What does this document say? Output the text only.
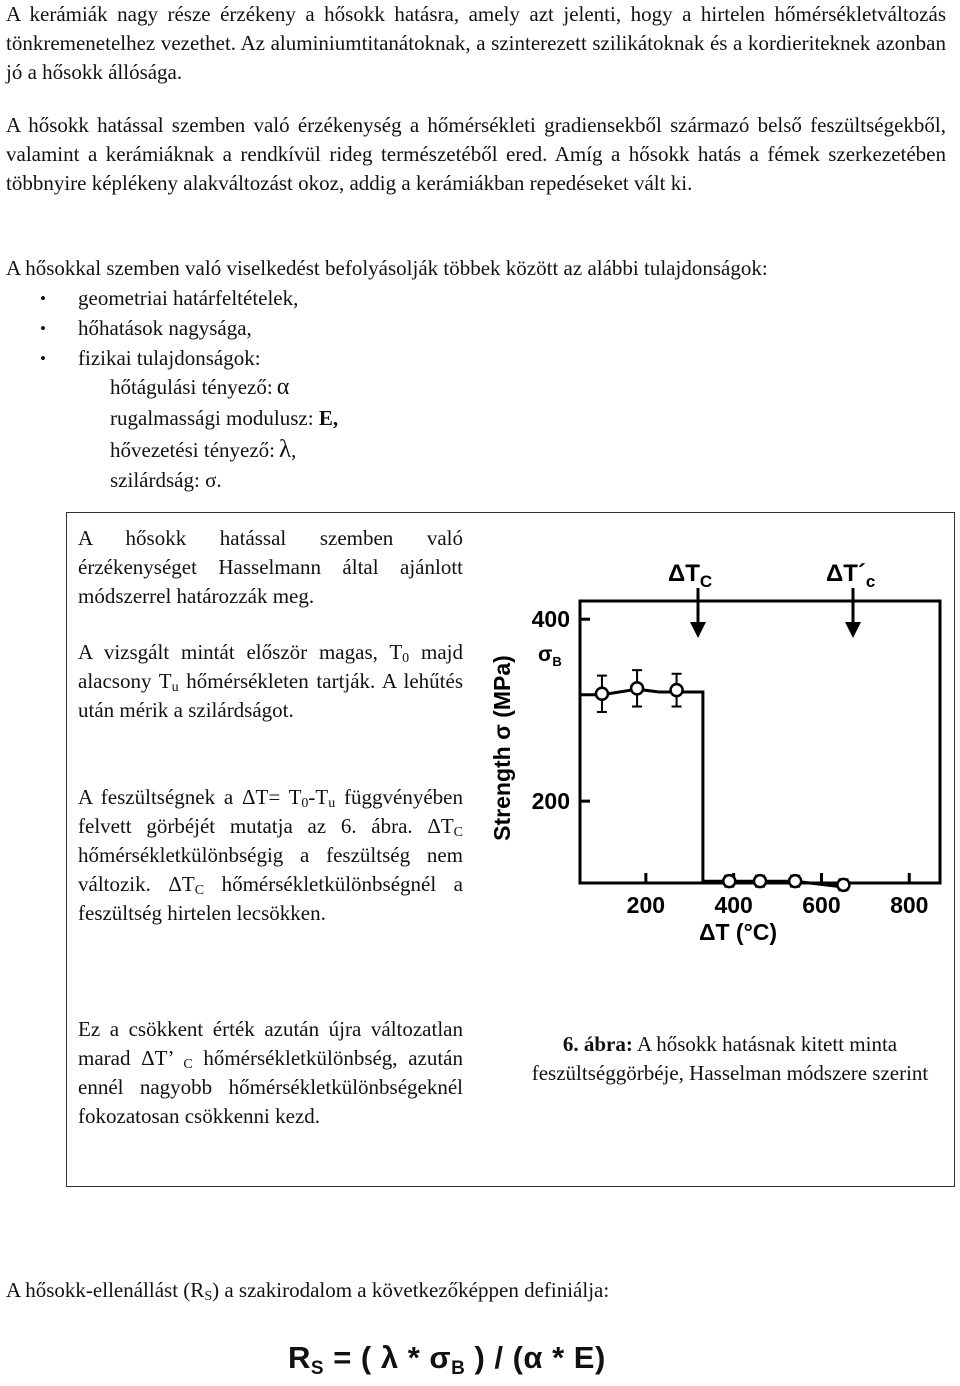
A kerámiák nagy része érzékeny a hősokk hatásra, amely azt jelenti, hogy a hirtelen hőmérsékletváltozás tönkremenetelhez vezethet. Az aluminiumtitanátoknak, a szinterezett szilikátoknak és a kordieriteknek azonban jó a hősokk állósága.

A hősokk hatással szemben való érzékenység a hőmérsékleti gradiensekből származó belső feszültségekből, valamint a kerámiáknak a rendkívül rideg természetéből ered. Amíg a hősokk hatás a fémek szerkezetében többnyire képlékeny alakváltozást okoz, addig a kerámiákban repedéseket vált ki.

A hősokkal szemben való viselkedést befolyásolják többek között az alábbi tulajdonságok:

• geometriai határfeltételek,
• hőhatások nagysága,
• fizikai tulajdonságok:
hőtágulási tényező: α
rugalmassági modulusz: E,
hővezetési tényező: λ,
szilárdság: σ.

A hősokk hatással szemben való érzékenységet Hasselmann által ajánlott módszerrel határozzák meg.

A vizsgált mintát először magas, $T_0$ majd alacsony $T_u$ hőmérsékleten tartják. A lehűtés után mérik a szilárdságot.

A feszültségnek a $\Delta T= T_0-T_u$ függvényében felvett görbéjét mutatja az 6. ábra. $\Delta T_C$ hőmérsékletkülönbségig a feszültség nem változik. $\Delta T_C$ hőmérsékletkülönbségnél a feszültség hirtelen lecsökken.

Ez a csökkent érték azután újra változatlan marad ΔT’ $_C$ hőmérsékletkülönbség, azután ennél nagyobb hőmérsékletkülönbségeknél fokozatosan csökkenni kezd.

Strength σ (MPa)
ΔT (°C)
$\sigma_B$
$\Delta T_C$	$\Delta T´_c$
200 400 600 800
200
400
6. ábra: A hősokk hatásnak kitett minta feszültséggörbéje, Hasselman módszere szerint

A hősokk-ellenállást $(R_S)$ a szakirodalom a következőképpen definiálja:

$R_S$ = ( λ * $\sigma_B$ ) / (α * E)
